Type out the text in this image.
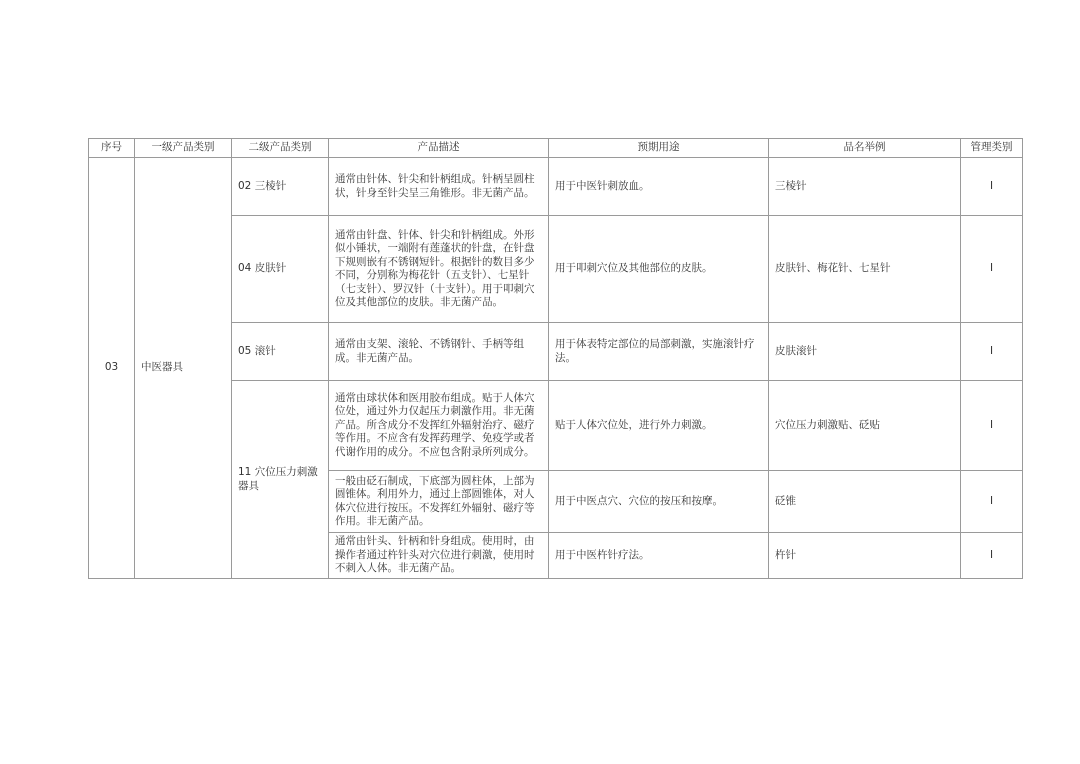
序号	一级产品类别	二级产品类别	产品描述	预期用途	品名举例	管理类别
03	中医器具	02 三棱针	通常由针体、针尖和针柄组成。针柄呈圆柱状，针身至针尖呈三角锥形。非无菌产品。	用于中医针刺放血。	三棱针	I
		04 皮肤针	通常由针盘、针体、针尖和针柄组成。外形似小锤状，一端附有莲蓬状的针盘，在针盘下规则嵌有不锈钢短针。根据针的数目多少不同，分别称为梅花针（五支针）、七星针（七支针）、罗汉针（十支针）。用于叩刺穴位及其他部位的皮肤。非无菌产品。	用于叩刺穴位及其他部位的皮肤。	皮肤针、梅花针、七星针	I
		05 滚针	通常由支架、滚轮、不锈钢针、手柄等组成。非无菌产品。	用于体表特定部位的局部刺激，实施滚针疗法。	皮肤滚针	I
		11 穴位压力刺激器具	通常由球状体和医用胶布组成。贴于人体穴位处，通过外力仅起压力刺激作用。非无菌产品。所含成分不发挥红外辐射治疗、磁疗等作用。不应含有发挥药理学、免疫学或者代谢作用的成分。不应包含附录所列成分。	贴于人体穴位处，进行外力刺激。	穴位压力刺激贴、砭贴	I
			一般由砭石制成，下底部为圆柱体，上部为圆锥体。利用外力，通过上部圆锥体，对人体穴位进行按压。不发挥红外辐射、磁疗等作用。非无菌产品。	用于中医点穴、穴位的按压和按摩。	砭锥	I
			通常由针头、针柄和针身组成。使用时，由操作者通过杵针头对穴位进行刺激，使用时不刺入人体。非无菌产品。	用于中医杵针疗法。	杵针	I
